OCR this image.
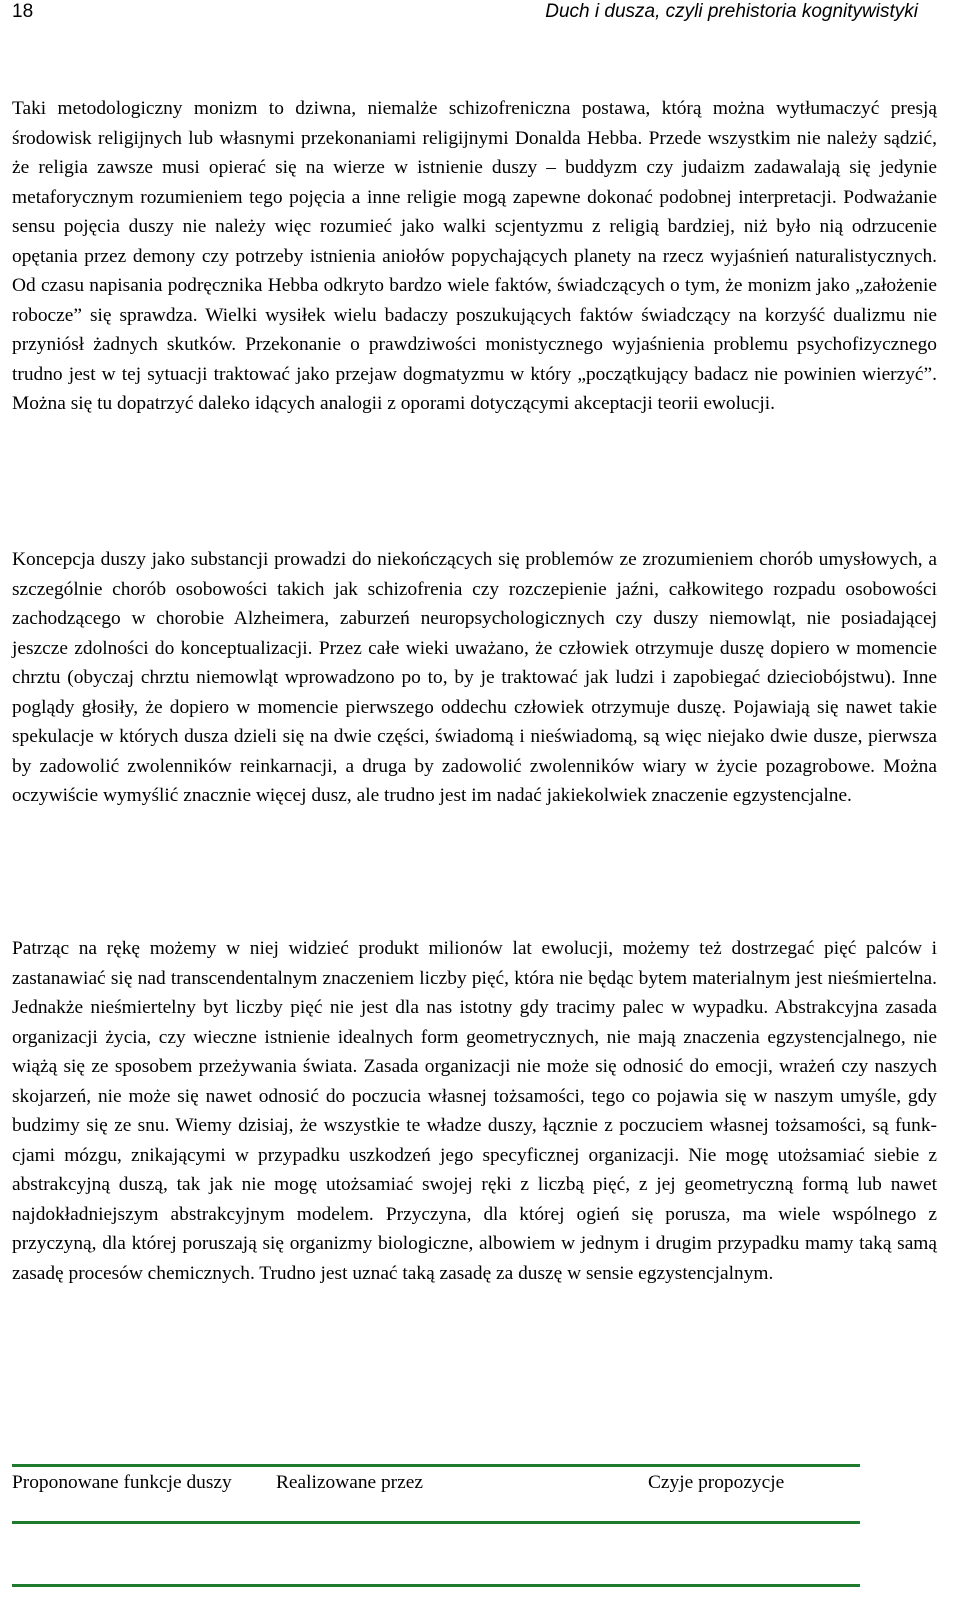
18	Duch i dusza, czyli prehistoria kognitywistyki

Taki metodologiczny monizm to dziwna, niemalże schizofreniczna postawa, którą można wytłumaczyć presją środowisk religijnych lub własnymi przekonaniami religijnymi Donalda Hebba. Przede wszystkim nie należy sądzić, że religia zawsze musi opierać się na wierze w istnienie duszy – buddyzm czy judaizm zadawalają się jedynie metaforycznym rozumieniem tego pojęcia a inne religie mogą zapewne dokonać podobnej interpretacji. Podważanie sensu pojęcia duszy nie należy więc rozumieć jako walki scjentyzmu z religią bardziej, niż było nią odrzucenie opętania przez demony czy potrzeby istnienia aniołów popychających planety na rzecz wyjaśnień naturalistycznych. Od czasu napisania podręcznika Hebba odkryto bardzo wiele faktów, świadczących o tym, że monizm jako „założenie robocze” się sprawdza. Wielki wysiłek wielu badaczy poszukujących faktów świadczący na korzyść dualizmu nie przyniósł żadnych skutków. Przekonanie o prawdziwości monistycznego wyjaśnienia problemu psychofizycznego trudno jest w tej sytuacji traktować jako przejaw dogmatyzmu w który „początkujący badacz nie powinien wierzyć”. Można się tu dopatrzyć daleko idących analogii z oporami dotyczącymi akceptacji teorii ewolucji.

Koncepcja duszy jako substancji prowadzi do niekończących się problemów ze zrozumieniem chorób umysłowych, a szczególnie chorób osobowości takich jak schizofrenia czy rozczepienie jaźni, całkowitego rozpadu osobowości zachodzącego w chorobie Alzheimera, zaburzeń neuropsychologicznych czy duszy niemowląt, nie posiadającej jeszcze zdolności do konceptualizacji. Przez całe wieki uważano, że człowiek otrzymuje duszę dopiero w momencie chrztu (obyczaj chrztu niemowląt wprowadzono po to, by je traktować jak ludzi i zapobiegać dzieciobójstwu). Inne poglądy głosiły, że dopiero w momencie pierwszego oddechu człowiek otrzymuje duszę. Pojawiają się nawet takie spekulacje w których dusza dzieli się na dwie części, świadomą i nieświadomą, są więc niejako dwie dusze, pierwsza by zadowolić zwolenników reinkarnacji, a druga by zadowolić zwolenników wiary w życie pozagrobowe. Można oczywiście wymyślić znacznie więcej dusz, ale trudno jest im nadać jakiekolwiek znaczenie egzystencjalne.

Patrząc na rękę możemy w niej widzieć produkt milionów lat ewolucji, możemy też dostrzegać pięć palców i zastanawiać się nad transcendentalnym znaczeniem liczby pięć, która nie będąc bytem materialnym jest nieśmiertelna. Jednakże nieśmiertelny byt liczby pięć nie jest dla nas istotny gdy tracimy palec w wypadku. Abstrakcyjna zasada organizacji życia, czy wieczne istnienie idealnych form geometrycznych, nie mają znaczenia egzystencjalnego, nie wiążą się ze sposobem przeżywania świata. Zasada organizacji nie może się odnosić do emocji, wrażeń czy naszych skojarzeń, nie może się nawet odnosić do poczucia własnej tożsamości, tego co pojawia się w naszym umyśle, gdy budzimy się ze snu. Wiemy dzisiaj, że wszystkie te władze duszy, łącznie z poczuciem własnej tożsamości, są funkcjami mózgu, znikającymi w przypadku uszkodzeń jego specyficznej organizacji. Nie mogę utożsamiać siebie z abstrakcyjną duszą, tak jak nie mogę utożsamiać swojej ręki z liczbą pięć, z jej geometryczną formą lub nawet najdokładniejszym abstrakcyjnym modelem. Przyczyna, dla której ogień się porusza, ma wiele wspólnego z przyczyną, dla której poruszają się organizmy biologiczne, albowiem w jednym i drugim przypadku mamy taką samą zasadę procesów chemicznych. Trudno jest uznać taką zasadę za duszę w sensie egzystencjalnym.

Proponowane funkcje duszy	Realizowane przez	Czyje propozycje
